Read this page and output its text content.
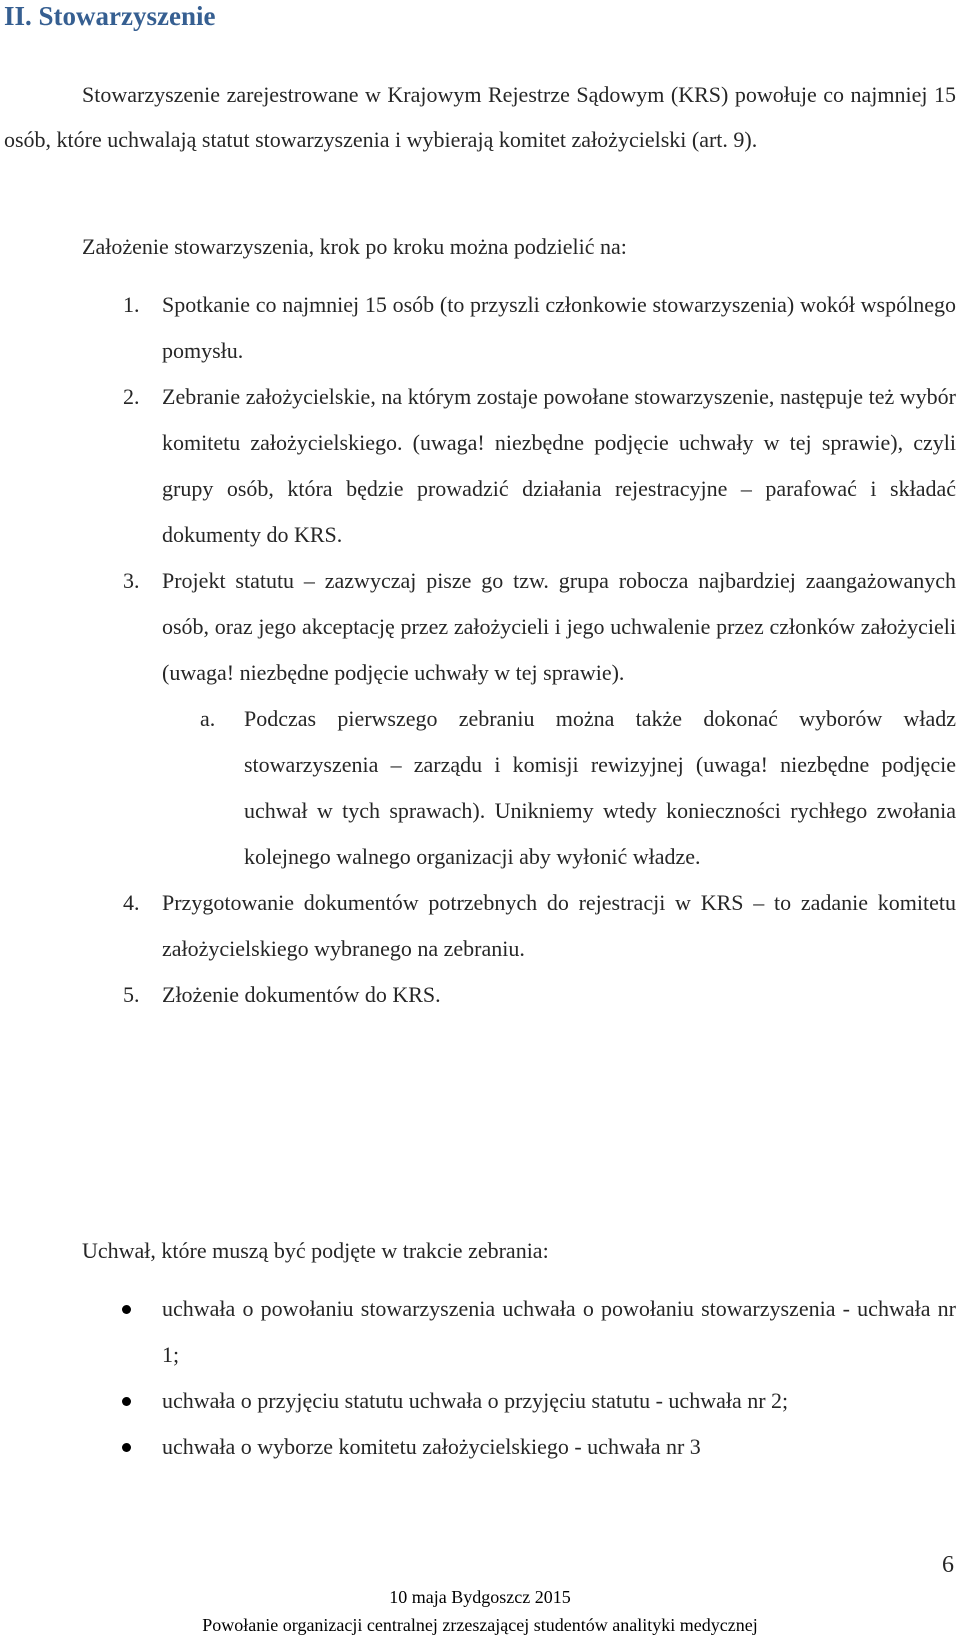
II. Stowarzyszenie

Stowarzyszenie zarejestrowane w Krajowym Rejestrze Sądowym (KRS) powołuje co najmniej 15 osób, które uchwalają statut stowarzyszenia i wybierają komitet założycielski (art. 9).

Założenie stowarzyszenia, krok po kroku można podzielić na:

1. Spotkanie co najmniej 15 osób (to przyszli członkowie stowarzyszenia) wokół wspólnego pomysłu.
2. Zebranie założycielskie, na którym zostaje powołane stowarzyszenie, następuje też wybór komitetu założycielskiego. (uwaga! niezbędne podjęcie uchwały w tej sprawie), czyli grupy osób, która będzie prowadzić działania rejestracyjne – parafować i składać dokumenty do KRS.
3. Projekt statutu – zazwyczaj pisze go tzw. grupa robocza najbardziej zaangażowanych osób, oraz jego akceptację przez założycieli i jego uchwalenie przez członków założycieli (uwaga! niezbędne podjęcie uchwały w tej sprawie).
a. Podczas pierwszego zebraniu można także dokonać wyborów władz stowarzyszenia – zarządu i komisji rewizyjnej (uwaga! niezbędne podjęcie uchwał w tych sprawach). Unikniemy wtedy konieczności rychłego zwołania kolejnego walnego organizacji aby wyłonić władze.
4. Przygotowanie dokumentów potrzebnych do rejestracji w KRS – to zadanie komitetu założycielskiego wybranego na zebraniu.
5. Złożenie dokumentów do KRS.

Uchwał, które muszą być podjęte w trakcie zebrania:

uchwała o powołaniu stowarzyszenia uchwała o powołaniu stowarzyszenia - uchwała nr 1;
uchwała o przyjęciu statutu uchwała o przyjęciu statutu - uchwała nr 2;
uchwała o wyborze komitetu założycielskiego - uchwała nr 3
6
10 maja Bydgoszcz 2015
Powołanie organizacji centralnej zrzeszającej studentów analityki medycznej
